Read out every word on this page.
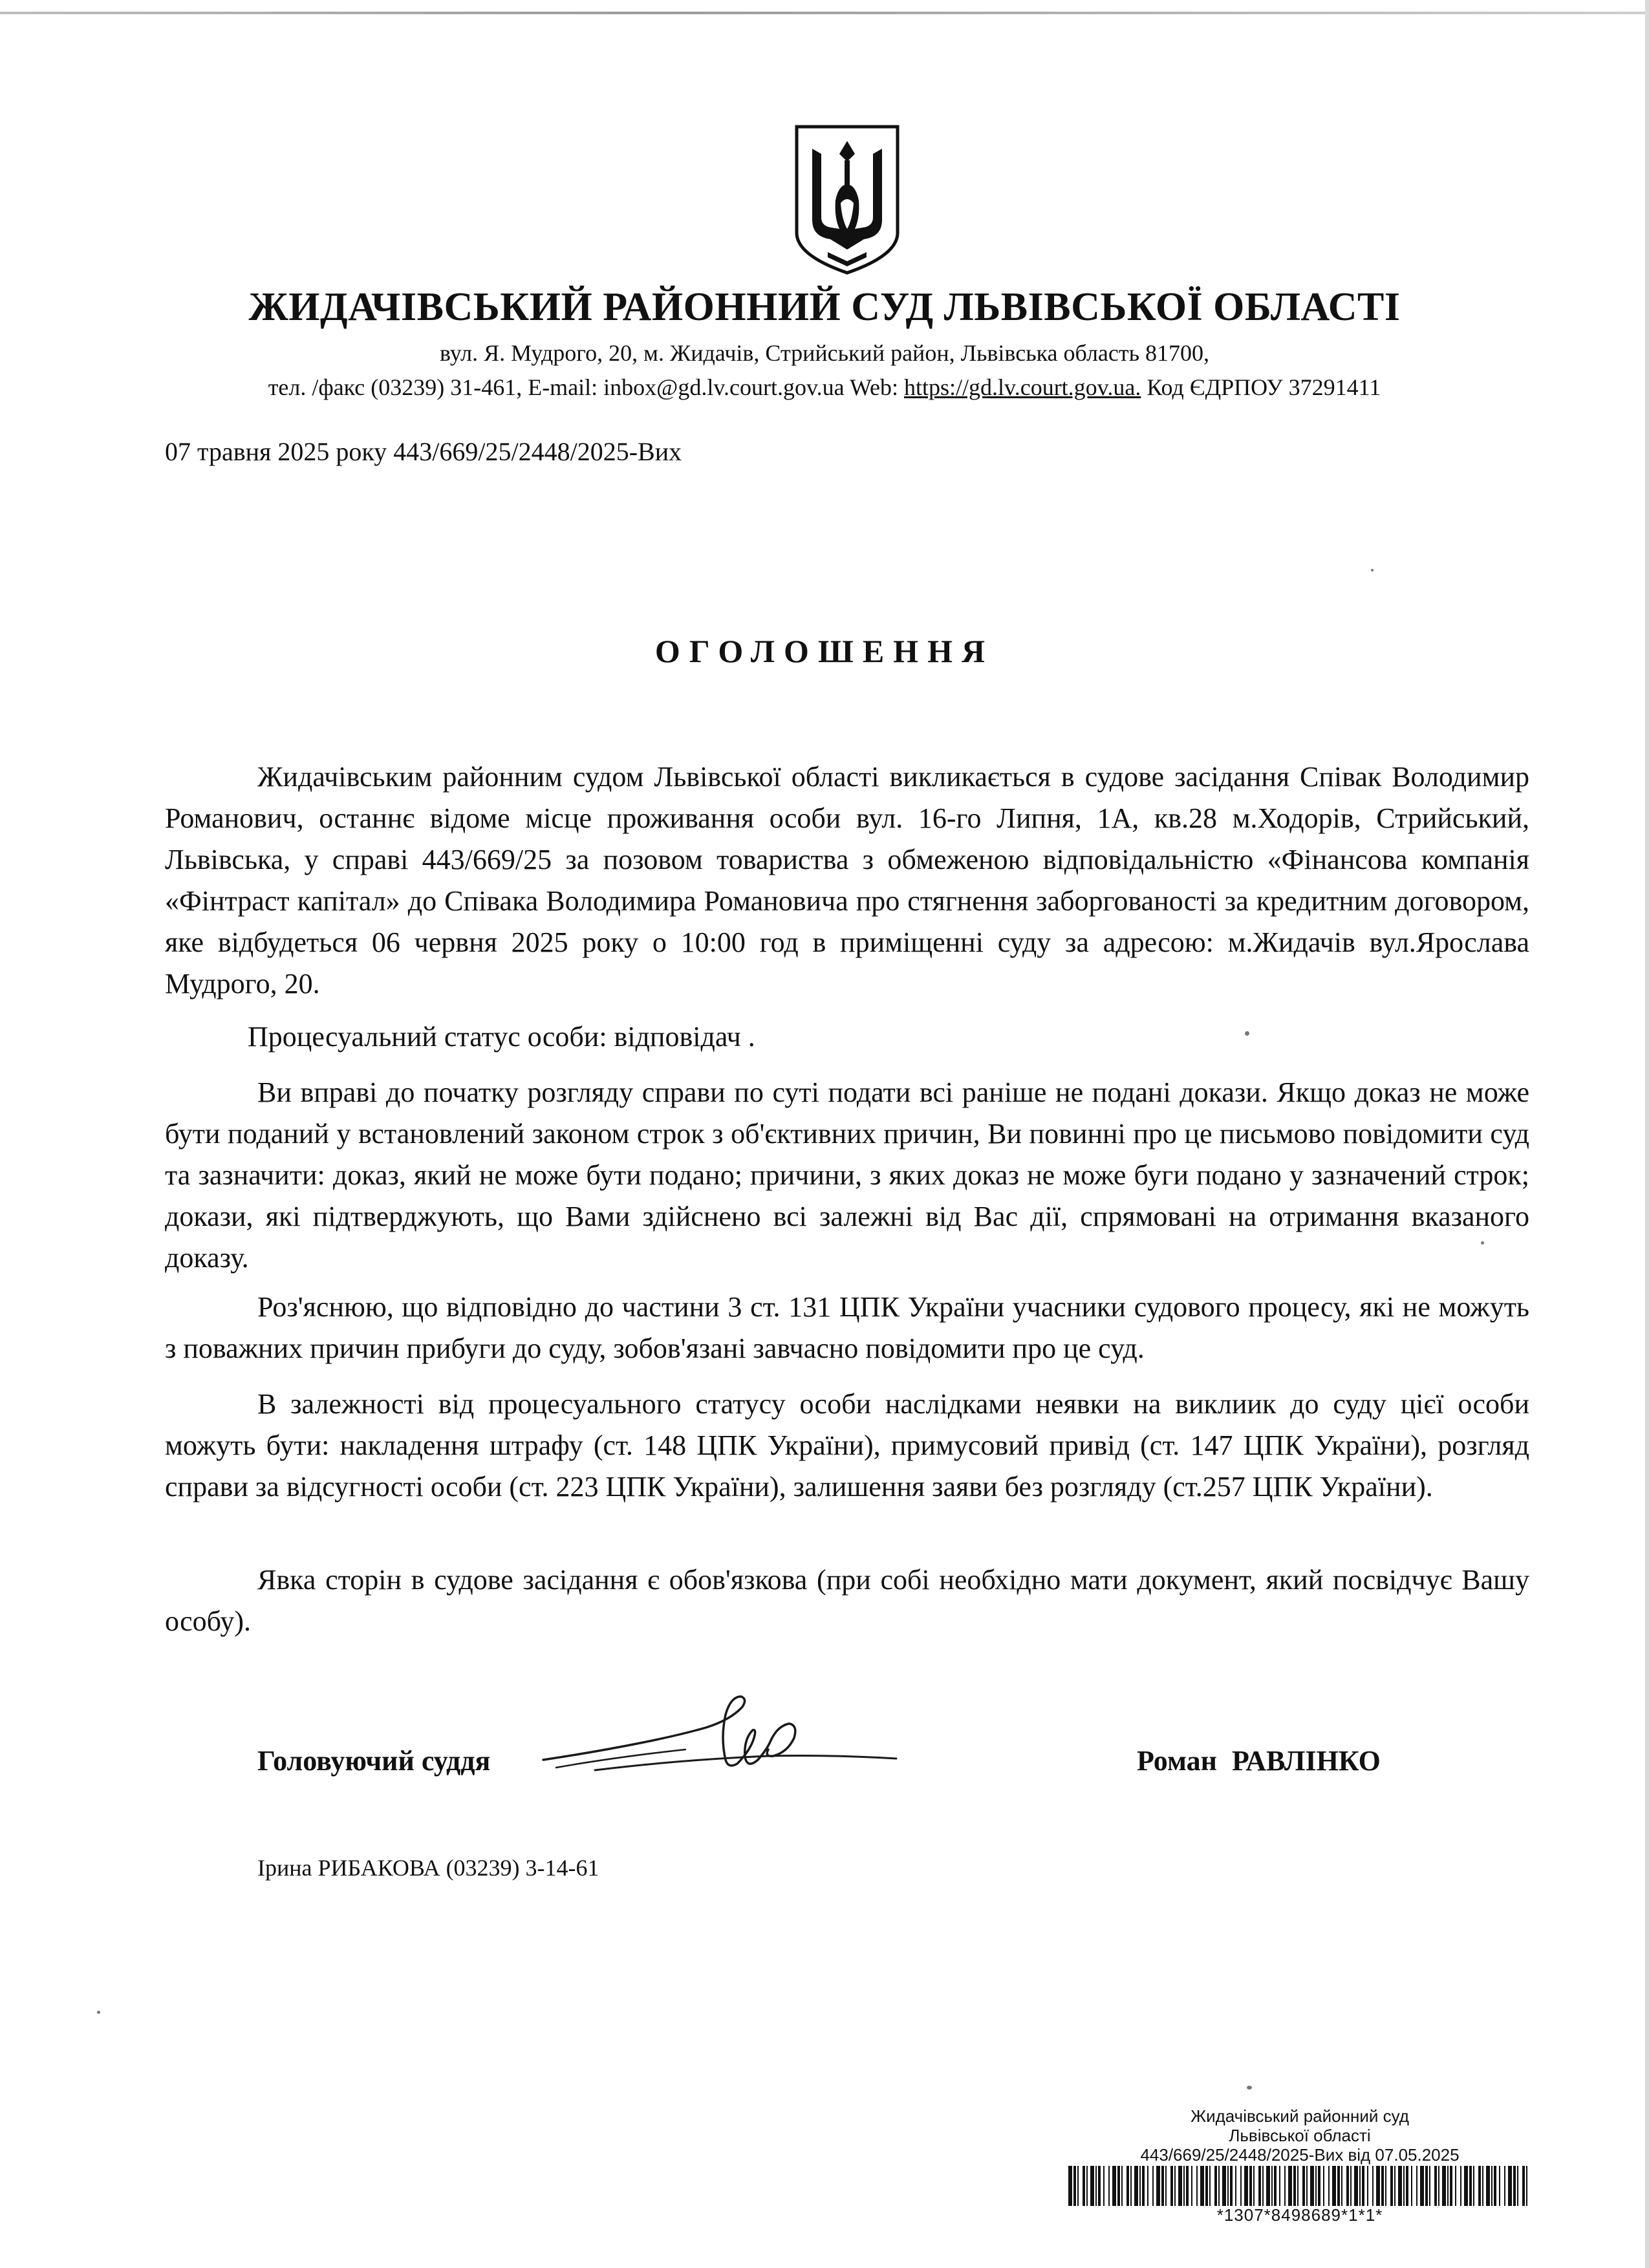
ЖИДАЧІВСЬКИЙ РАЙОННИЙ СУД ЛЬВІВСЬКОЇ ОБЛАСТІ
вул. Я. Мудрого, 20, м. Жидачів, Стрийський район, Львівська область 81700,
тел. /факс (03239) 31-461, E-mail: inbox@gd.lv.court.gov.ua Web: https://gd.lv.court.gov.ua. Код ЄДРПОУ 37291411
07 травня 2025 року 443/669/25/2448/2025-Вих
ОГОЛОШЕННЯ

Жидачівським районним судом Львівської області викликається в судове засідання Співак Володимир Романович, останнє відоме місце проживання особи вул. 16-го Липня, 1А, кв.28 м.Ходорів, Стрийський, Львівська, у справі 443/669/25 за позовом товариства з обмеженою відповідальністю «Фінансова компанія «Фінтраст капітал» до Співака Володимира Романовича про стягнення заборгованості за кредитним договором, яке відбудеться 06 червня 2025 року о 10:00 год в приміщенні суду за адресою: м.Жидачів вул.Ярослава Мудрого, 20.

Процесуальний статус особи: відповідач .

Ви вправі до початку розгляду справи по суті подати всі раніше не подані докази. Якщо доказ не може бути поданий у встановлений законом строк з об'єктивних причин, Ви повинні про це письмово повідомити суд та зазначити: доказ, який не може бути подано; причини, з яких доказ не може буги подано у зазначений строк; докази, які підтверджують, що Вами здійснено всі залежні від Вас дії, спрямовані на отримання вказаного доказу.

Роз'яснюю, що відповідно до частини 3 ст. 131 ЦПК України учасники судового процесу, які не можуть з поважних причин прибуги до суду, зобов'язані завчасно повідомити про це суд.

В залежності від процесуального статусу особи наслідками неявки на виклиик до суду цієї особи можуть бути: накладення штрафу (ст. 148 ЦПК України), примусовий привід (ст. 147 ЦПК України), розгляд справи за відсугності особи (ст. 223 ЦПК України), залишення заяви без розгляду (ст.257 ЦПК України).

Явка сторін в судове засідання є обов'язкова (при собі необхідно мати документ, який посвідчує Вашу особу).

Головуючий суддя	Роман РАВЛІНКО
Ірина РИБАКОВА (03239) 3-14-61
Жидачівський районний суд
Львівської області
443/669/25/2448/2025-Вих від 07.05.2025
*1307*8498689*1*1*
